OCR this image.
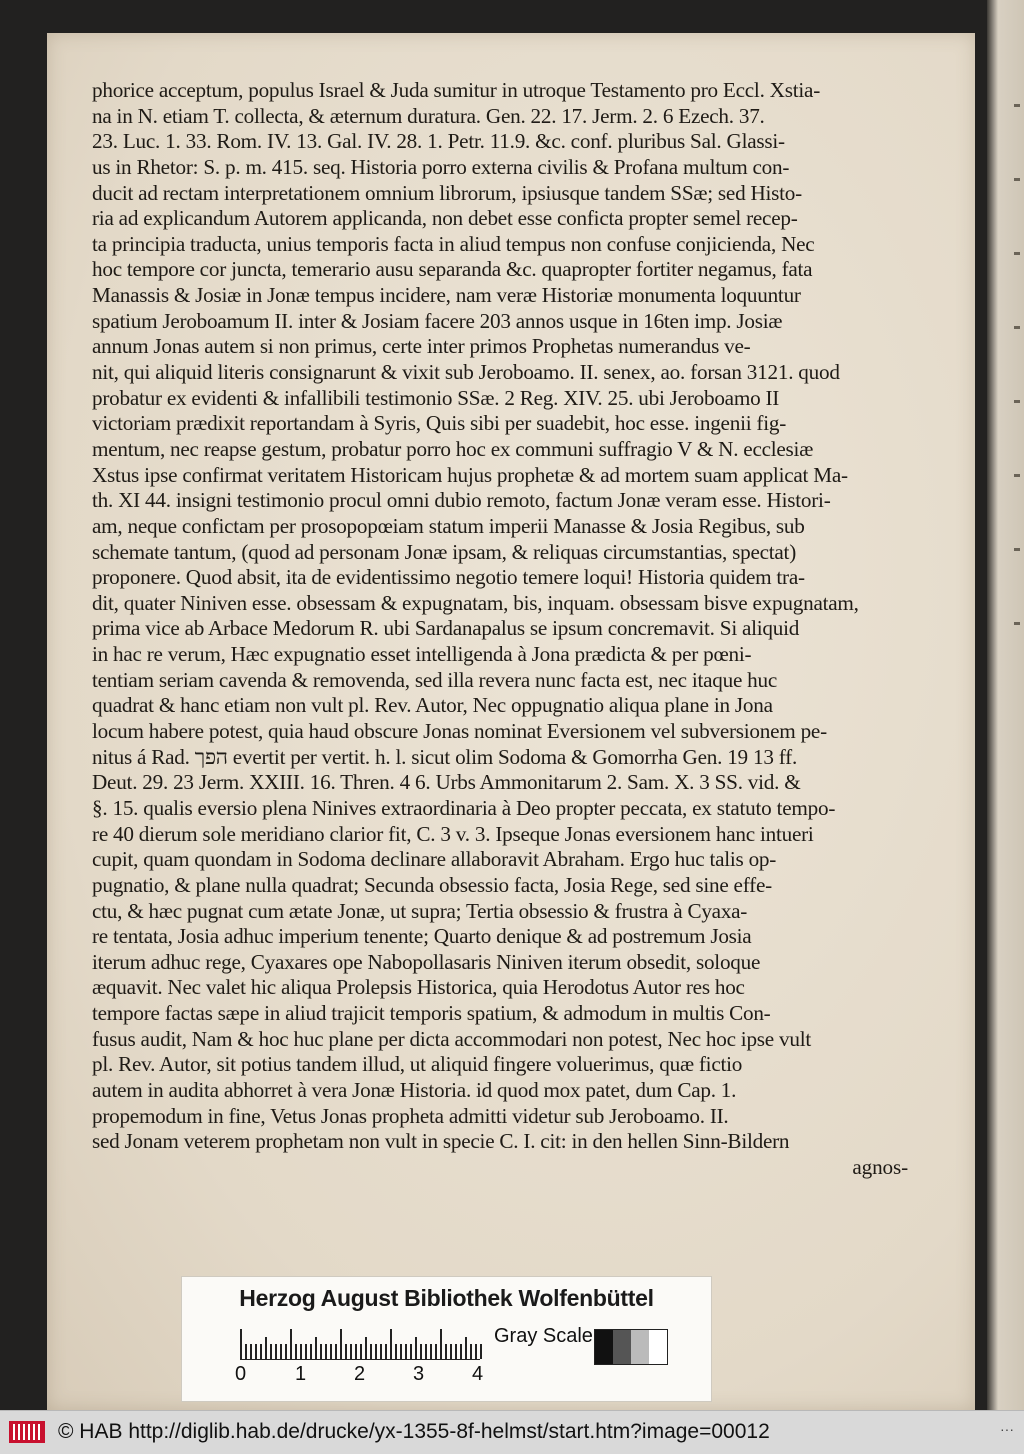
phorice acceptum, populus Israel & Juda sumitur in utroque Testamento pro Eccl. Xstia-
na in N. etiam T. collecta, & æternum duratura. Gen. 22. 17. Jerm. 2. 6 Ezech. 37.
23. Luc. 1. 33. Rom. IV. 13. Gal. IV. 28. 1. Petr. 11.9. &c. conf. pluribus Sal. Glassi-
us in Rhetor: S. p. m. 415. seq. Historia porro externa civilis & Profana multum con-
ducit ad rectam interpretationem omnium librorum, ipsiusque tandem SSæ; sed Histo-
ria ad explicandum Autorem applicanda, non debet esse conficta propter semel recep-
ta principia traducta, unius temporis facta in aliud tempus non confuse conjicienda, Nec
hoc tempore cor juncta, temerario ausu separanda &c. quapropter fortiter negamus, fata
Manassis & Josiæ in Jonæ tempus incidere, nam veræ Historiæ monumenta loquuntur
spatium Jeroboamum II. inter & Josiam facere 203 annos usque in 16ten imp. Josiæ
annum Jonas autem si non primus, certe inter primos Prophetas numerandus ve-
nit, qui aliquid literis consignarunt & vixit sub Jeroboamo. II. senex, ao. forsan 3121. quod
probatur ex evidenti & infallibili testimonio SSæ. 2 Reg. XIV. 25. ubi Jeroboamo II
victoriam prædixit reportandam à Syris, Quis sibi per suadebit, hoc esse. ingenii fig-
mentum, nec reapse gestum, probatur porro hoc ex communi suffragio V & N. ecclesiæ
Xstus ipse confirmat veritatem Historicam hujus prophetæ & ad mortem suam applicat Ma-
th. XI 44. insigni testimonio procul omni dubio remoto, factum Jonæ veram esse. Histori-
am, neque confictam per prosopopœiam statum imperii Manasse & Josia Regibus, sub
schemate tantum, (quod ad personam Jonæ ipsam, & reliquas circumstantias, spectat)
proponere. Quod absit, ita de evidentissimo negotio temere loqui! Historia quidem tra-
dit, quater Niniven esse. obsessam & expugnatam, bis, inquam. obsessam bisve expugnatam,
prima vice ab Arbace Medorum R. ubi Sardanapalus se ipsum concremavit. Si aliquid
in hac re verum, Hæc expugnatio esset intelligenda à Jona prædicta & per pœni-
tentiam seriam cavenda & removenda, sed illa revera nunc facta est, nec itaque huc
quadrat & hanc etiam non vult pl. Rev. Autor, Nec oppugnatio aliqua plane in Jona
locum habere potest, quia haud obscure Jonas nominat Eversionem vel subversionem pe-
nitus á Rad. הפך evertit per vertit. h. l. sicut olim Sodoma & Gomorrha Gen. 19 13 ff.
Deut. 29. 23 Jerm. XXIII. 16. Thren. 4 6. Urbs Ammonitarum 2. Sam. X. 3 SS. vid. &
§. 15. qualis eversio plena Ninives extraordinaria à Deo propter peccata, ex statuto tempo-
re 40 dierum sole meridiano clarior fit, C. 3 v. 3. Ipseque Jonas eversionem hanc intueri
cupit, quam quondam in Sodoma declinare allaboravit Abraham. Ergo huc talis op-
pugnatio, & plane nulla quadrat; Secunda obsessio facta, Josia Rege, sed sine effe-
ctu, & hæc pugnat cum ætate Jonæ, ut supra; Tertia obsessio & frustra à Cyaxa-
re tentata, Josia adhuc imperium tenente; Quarto denique & ad postremum Josia
iterum adhuc rege, Cyaxares ope Nabopollasaris Niniven iterum obsedit, soloque
æquavit. Nec valet hic aliqua Prolepsis Historica, quia Herodotus Autor res hoc
tempore factas sæpe in aliud trajicit temporis spatium, & admodum in multis Con-
fusus audit, Nam & hoc huc plane per dicta accommodari non potest, Nec hoc ipse vult
pl. Rev. Autor, sit potius tandem illud, ut aliquid fingere voluerimus, quæ fictio
autem in audita abhorret à vera Jonæ Historia. id quod mox patet, dum Cap. 1.
propemodum in fine, Vetus Jonas propheta admitti videtur sub Jeroboamo. II.
sed Jonam veterem prophetam non vult in specie C. I. cit: in den hellen Sinn-Bildern
agnos-
Herzog August Bibliothek Wolfenbüttel
0 1 2 3 4
Gray Scale
© HAB http://diglib.hab.de/drucke/yx-1355-8f-helmst/start.htm?image=00012	···
